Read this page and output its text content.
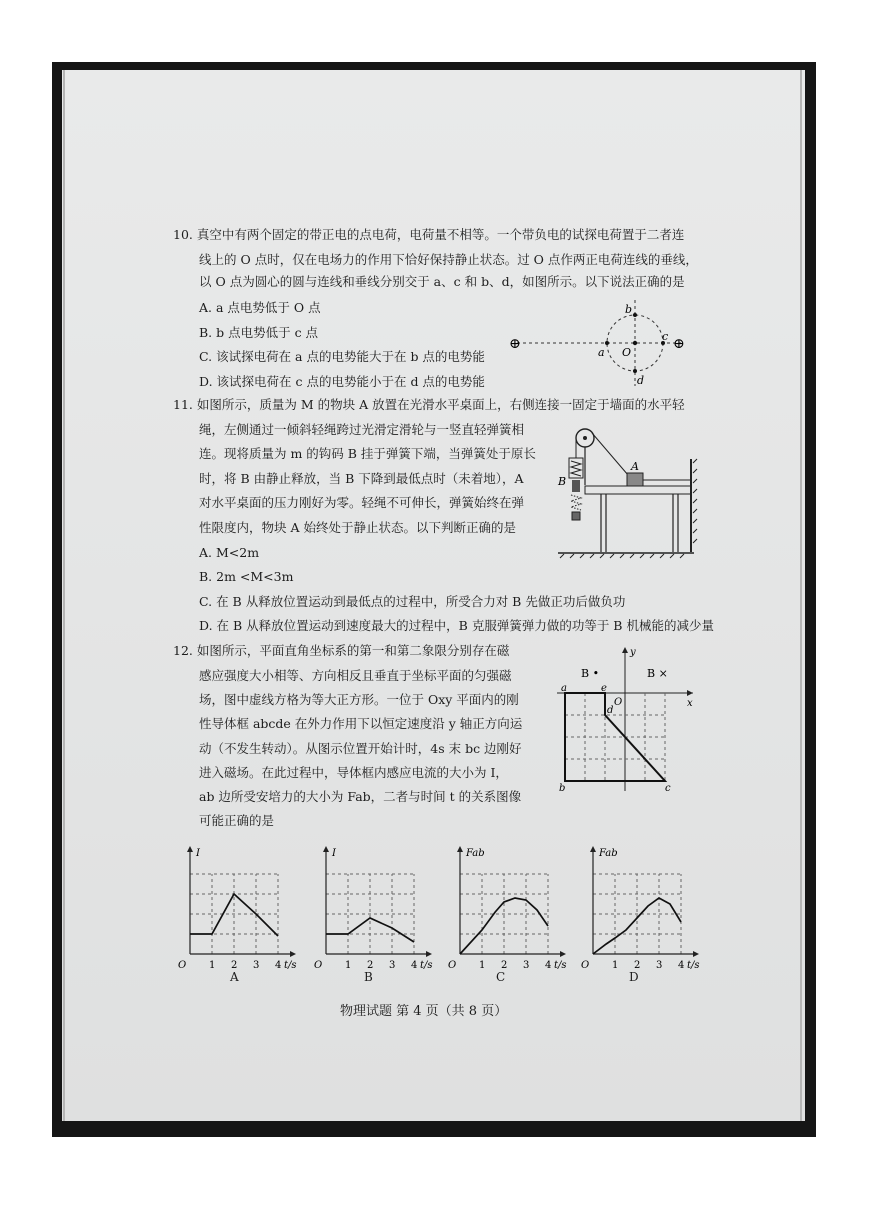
10. 真空中有两个固定的带正电的点电荷，电荷量不相等。一个带负电的试探电荷置于二者连
线上的 O 点时，仅在电场力的作用下恰好保持静止状态。过 O 点作两正电荷连线的垂线，
以 O 点为圆心的圆与连线和垂线分别交于 a、c 和 b、d，如图所示。以下说法正确的是
A. a 点电势低于 O 点
B. b 点电势低于 c 点
C. 该试探电荷在 a 点的电势能大于在 b 点的电势能
D. 该试探电荷在 c 点的电势能小于在 d 点的电势能
⊕	⊕
a
b
c
d
O
11. 如图所示，质量为 M 的物块 A 放置在光滑水平桌面上，右侧连接一固定于墙面的水平轻
绳，左侧通过一倾斜轻绳跨过光滑定滑轮与一竖直轻弹簧相
连。现将质量为 m 的钩码 B 挂于弹簧下端，当弹簧处于原长
时，将 B 由静止释放，当 B 下降到最低点时（未着地），A
对水平桌面的压力刚好为零。轻绳不可伸长，弹簧始终在弹
性限度内，物块 A 始终处于静止状态。以下判断正确的是
A. M<2m
B. 2m <M<3m
C. 在 B 从释放位置运动到最低点的过程中，所受合力对 B 先做正功后做负功
D. 在 B 从释放位置运动到速度最大的过程中，B 克服弹簧弹力做的功等于 B 机械能的减少量
A
B
12. 如图所示，平面直角坐标系的第一和第二象限分别存在磁
感应强度大小相等、方向相反且垂直于坐标平面的匀强磁
场，图中虚线方格为等大正方形。一位于 Oxy 平面内的刚
性导体框 abcde 在外力作用下以恒定速度沿 y 轴正方向运
动（不发生转动）。从图示位置开始计时，4s 末 bc 边刚好
进入磁场。在此过程中，导体框内感应电流的大小为 I，
ab 边所受安培力的大小为 Fab，二者与时间 t 的关系图像
可能正确的是
B •	B ×
a
b	c
d
e
O	x
y
I
t/s
O 1 2 3 4
I
t/s
O 1 2 3 4
Fab
t/s
O 1 2 3 4
Fab
t/s
O 1 2 3 4
A	B	C	D
物理试题 第 4 页（共 8 页）
